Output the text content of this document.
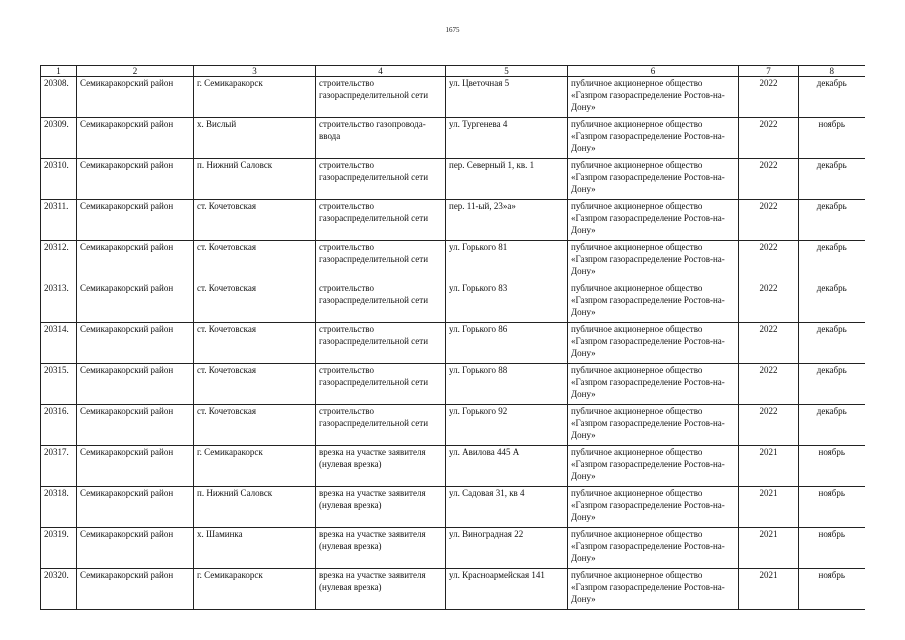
1675
1	2	3	4	5	6	7	8
20308.	Семикаракорский район	г. Семикаракорск	строительство газораспределительной сети	ул. Цветочная 5	публичное акционерное общество «Газпром газораспределение Ростов-на-Дону»	2022	декабрь
20309.	Семикаракорский район	х. Вислый	строительство газопровода-ввода	ул. Тургенева 4	публичное акционерное общество «Газпром газораспределение Ростов-на-Дону»	2022	ноябрь
20310.	Семикаракорский район	п. Нижний Саловск	строительство газораспределительной сети	пер. Северный 1, кв. 1	публичное акционерное общество «Газпром газораспределение Ростов-на-Дону»	2022	декабрь
20311.	Семикаракорский район	ст. Кочетовская	строительство газораспределительной сети	пер. 11-ый, 23»а»	публичное акционерное общество «Газпром газораспределение Ростов-на-Дону»	2022	декабрь
20312.	Семикаракорский район	ст. Кочетовская	строительство газораспределительной сети	ул. Горького 81	публичное акционерное общество «Газпром газораспределение Ростов-на-Дону»	2022	декабрь
20313.	Семикаракорский район	ст. Кочетовская	строительство газораспределительной сети	ул. Горького 83	публичное акционерное общество «Газпром газораспределение Ростов-на-Дону»	2022	декабрь
20314.	Семикаракорский район	ст. Кочетовская	строительство газораспределительной сети	ул. Горького 86	публичное акционерное общество «Газпром газораспределение Ростов-на-Дону»	2022	декабрь
20315.	Семикаракорский район	ст. Кочетовская	строительство газораспределительной сети	ул. Горького 88	публичное акционерное общество «Газпром газораспределение Ростов-на-Дону»	2022	декабрь
20316.	Семикаракорский район	ст. Кочетовская	строительство газораспределительной сети	ул. Горького 92	публичное акционерное общество «Газпром газораспределение Ростов-на-Дону»	2022	декабрь
20317.	Семикаракорский район	г. Семикаракорск	врезка на участке заявителя (нулевая врезка)	ул. Авилова 445 А	публичное акционерное общество «Газпром газораспределение Ростов-на-Дону»	2021	ноябрь
20318.	Семикаракорский район	п. Нижний Саловск	врезка на участке заявителя (нулевая врезка)	ул. Садовая 31, кв 4	публичное акционерное общество «Газпром газораспределение Ростов-на-Дону»	2021	ноябрь
20319.	Семикаракорский район	х. Шаминка	врезка на участке заявителя (нулевая врезка)	ул. Виноградная 22	публичное акционерное общество «Газпром газораспределение Ростов-на-Дону»	2021	ноябрь
20320.	Семикаракорский район	г. Семикаракорск	врезка на участке заявителя (нулевая врезка)	ул. Красноармейская 141	публичное акционерное общество «Газпром газораспределение Ростов-на-Дону»	2021	ноябрь
